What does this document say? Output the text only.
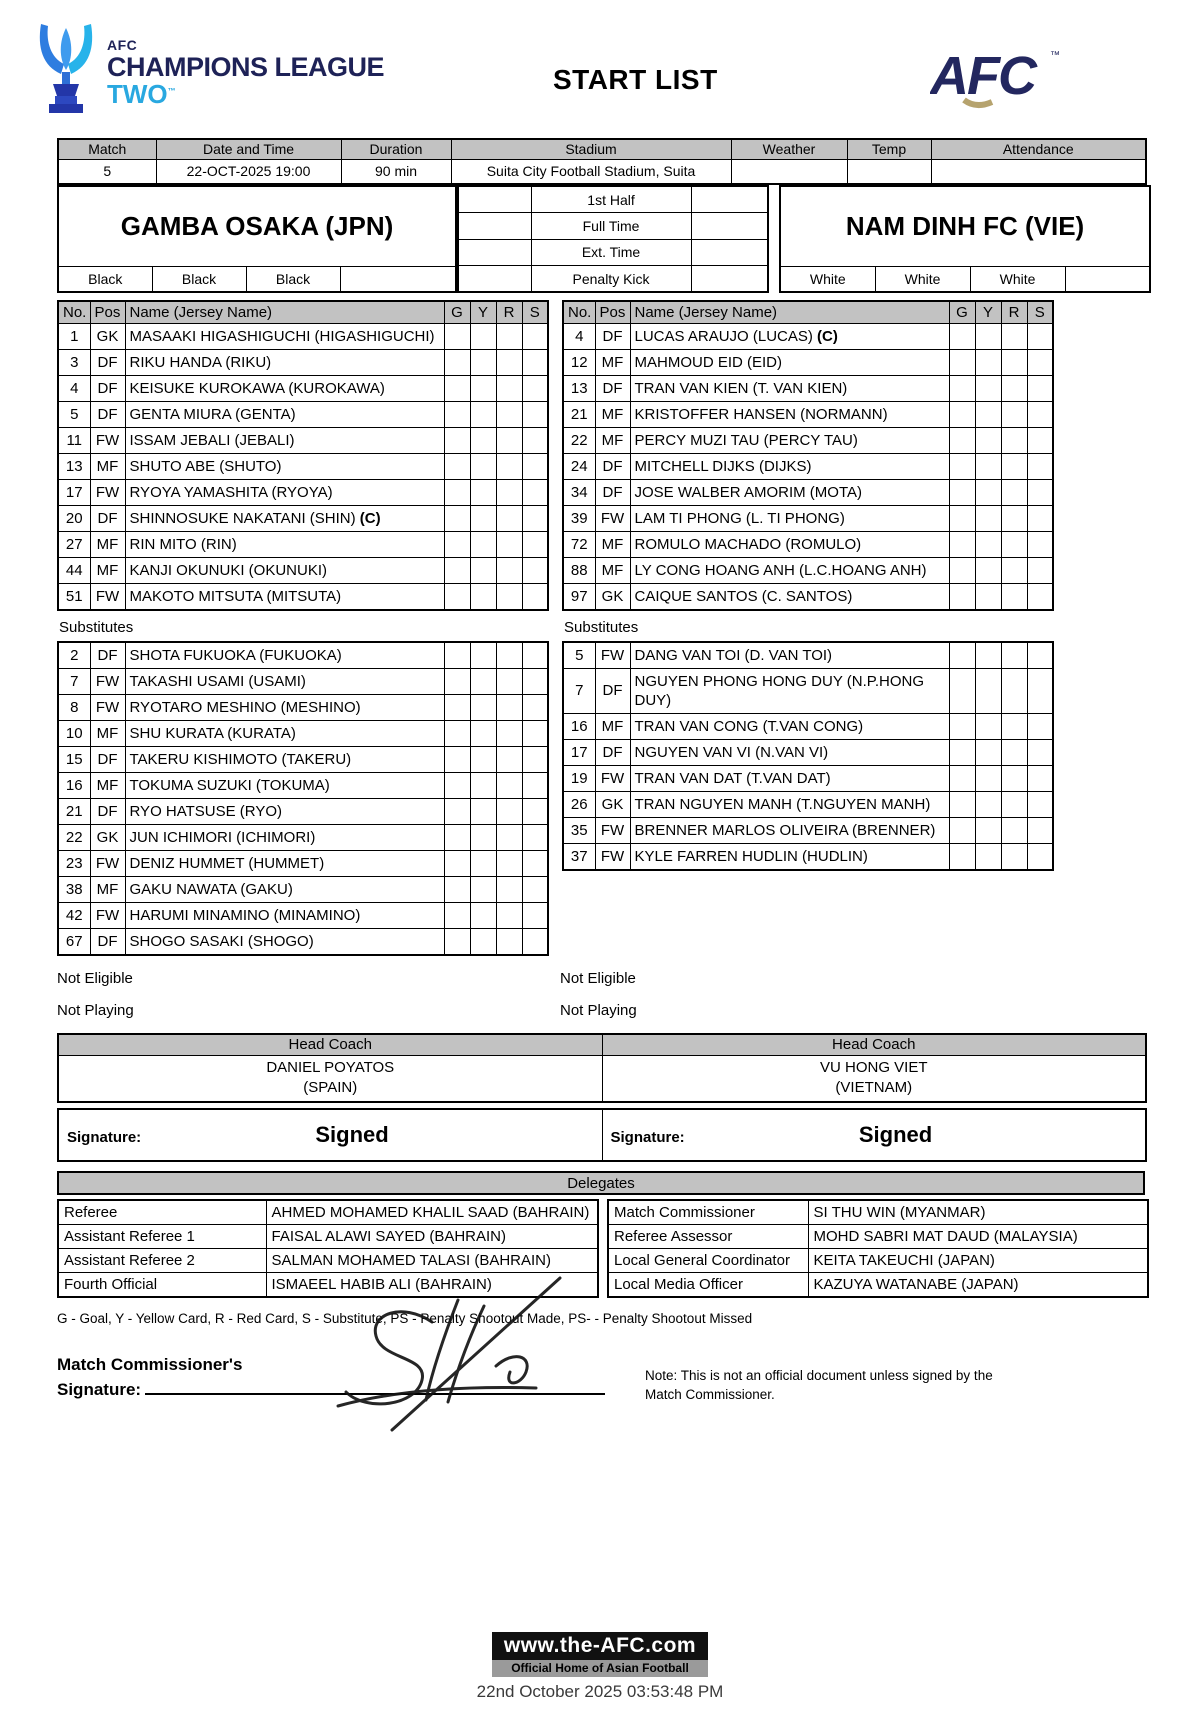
AFC
CHAMPIONS LEAGUE
TWO™	START LIST	AFC ™
Match	Date and Time	Duration	Stadium	Weather	Temp	Attendance
5	22-OCT-2025 19:00	90 min	Suita City Football Stadium, Suita			
GAMBA OSAKA (JPN)
Black	Black	Black	
	1st Half	
	Full Time	
	Ext. Time	
	Penalty Kick	
NAM DINH FC (VIE)
White	White	White	
No.	Pos	Name (Jersey Name)	G	Y	R	S
1	GK	MASAAKI HIGASHIGUCHI (HIGASHIGUCHI)				
3	DF	RIKU HANDA (RIKU)				
4	DF	KEISUKE KUROKAWA (KUROKAWA)				
5	DF	GENTA MIURA (GENTA)				
11	FW	ISSAM JEBALI (JEBALI)				
13	MF	SHUTO ABE (SHUTO)				
17	FW	RYOYA YAMASHITA (RYOYA)				
20	DF	SHINNOSUKE NAKATANI (SHIN) (C)				
27	MF	RIN MITO (RIN)				
44	MF	KANJI OKUNUKI (OKUNUKI)				
51	FW	MAKOTO MITSUTA (MITSUTA)				
No.	Pos	Name (Jersey Name)	G	Y	R	S
4	DF	LUCAS ARAUJO (LUCAS) (C)				
12	MF	MAHMOUD EID (EID)				
13	DF	TRAN VAN KIEN (T. VAN KIEN)				
21	MF	KRISTOFFER HANSEN (NORMANN)				
22	MF	PERCY MUZI TAU (PERCY TAU)				
24	DF	MITCHELL DIJKS (DIJKS)				
34	DF	JOSE WALBER AMORIM (MOTA)				
39	FW	LAM TI PHONG (L. TI PHONG)				
72	MF	ROMULO MACHADO (ROMULO)				
88	MF	LY CONG HOANG ANH (L.C.HOANG ANH)				
97	GK	CAIQUE SANTOS (C. SANTOS)				
Substitutes	Substitutes
2	DF	SHOTA FUKUOKA (FUKUOKA)				
7	FW	TAKASHI USAMI (USAMI)				
8	FW	RYOTARO MESHINO (MESHINO)				
10	MF	SHU KURATA (KURATA)				
15	DF	TAKERU KISHIMOTO (TAKERU)				
16	MF	TOKUMA SUZUKI (TOKUMA)				
21	DF	RYO HATSUSE (RYO)				
22	GK	JUN ICHIMORI (ICHIMORI)				
23	FW	DENIZ HUMMET (HUMMET)				
38	MF	GAKU NAWATA (GAKU)				
42	FW	HARUMI MINAMINO (MINAMINO)				
67	DF	SHOGO SASAKI (SHOGO)				
5	FW	DANG VAN TOI (D. VAN TOI)				
7	DF	NGUYEN PHONG HONG DUY (N.P.HONG DUY)				
16	MF	TRAN VAN CONG (T.VAN CONG)				
17	DF	NGUYEN VAN VI (N.VAN VI)				
19	FW	TRAN VAN DAT (T.VAN DAT)				
26	GK	TRAN NGUYEN MANH (T.NGUYEN MANH)				
35	FW	BRENNER MARLOS OLIVEIRA (BRENNER)				
37	FW	KYLE FARREN HUDLIN (HUDLIN)				
Not Eligible	Not Eligible
Not Playing	Not Playing
Head Coach	Head Coach

DANIEL POYATOS
(SPAIN)

VU HONG VIET
(VIETNAM)
Signature:	Signed	Signature:	Signed
Delegates
Referee	AHMED MOHAMED KHALIL SAAD (BAHRAIN)
Assistant Referee 1	FAISAL ALAWI SAYED (BAHRAIN)
Assistant Referee 2	SALMAN MOHAMED TALASI (BAHRAIN)
Fourth Official	ISMAEEL HABIB ALI (BAHRAIN)
Match Commissioner	SI THU WIN (MYANMAR)
Referee Assessor	MOHD SABRI MAT DAUD (MALAYSIA)
Local General Coordinator	KEITA TAKEUCHI (JAPAN)
Local Media Officer	KAZUYA WATANABE (JAPAN)
G - Goal, Y - Yellow Card, R - Red Card, S - Substitute, PS - Penalty Shootout Made, PS- - Penalty Shootout Missed
Match Commissioner's
Signature:
Note: This is not an official document unless signed by the Match Commissioner.
www.the-AFC.com
Official Home of Asian Football
22nd October 2025 03:53:48 PM
